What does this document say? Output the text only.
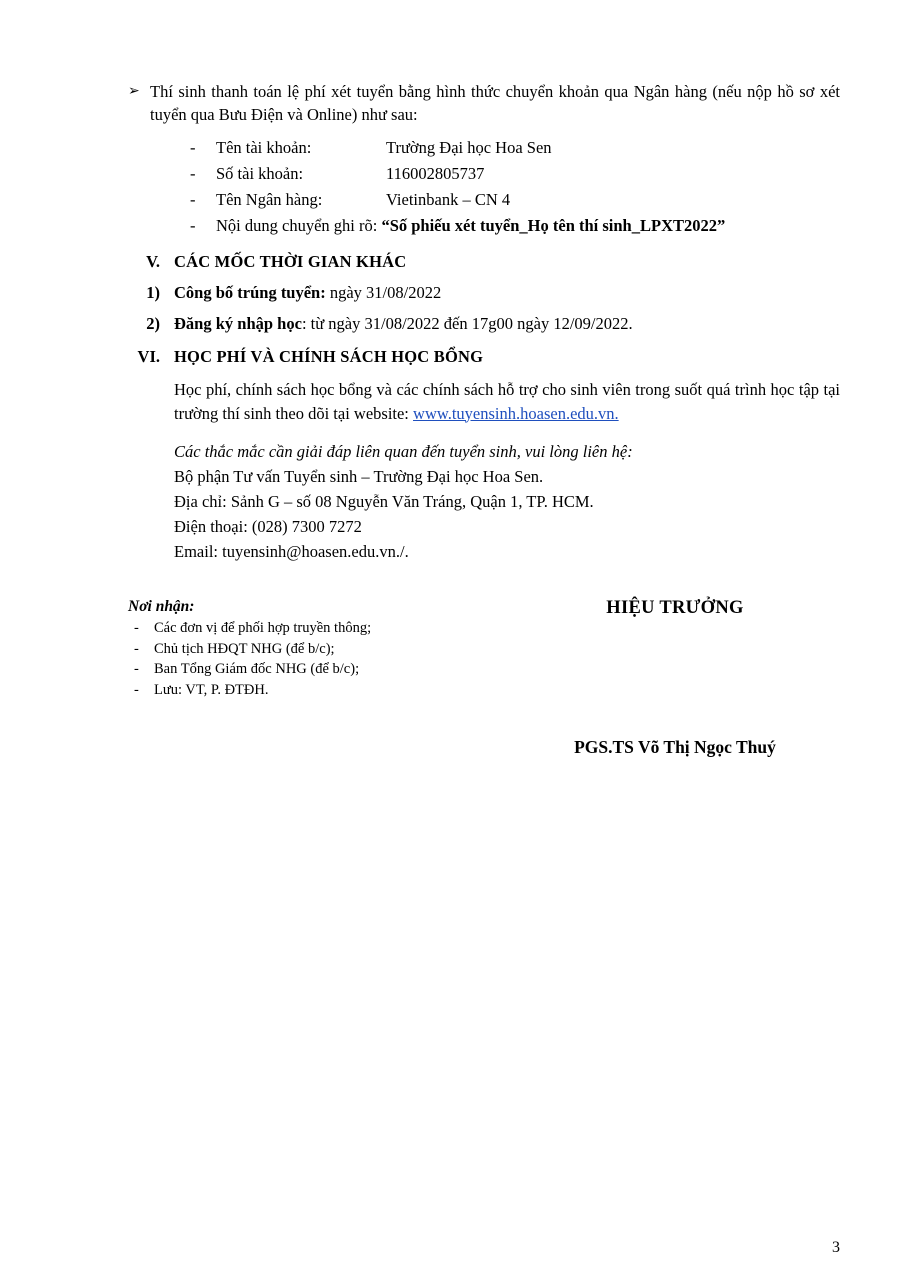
➢ Thí sinh thanh toán lệ phí xét tuyển bằng hình thức chuyển khoản qua Ngân hàng (nếu nộp hồ sơ xét tuyển qua Bưu Điện và Online) như sau:
-	Tên tài khoản:	Trường Đại học Hoa Sen
-	Số tài khoản:	116002805737
-	Tên Ngân hàng:	Vietinbank – CN 4
-	Nội dung chuyển ghi rõ: “Số phiếu xét tuyển_Họ tên thí sinh_LPXT2022”
V. CÁC MỐC THỜI GIAN KHÁC
1) Công bố trúng tuyển: ngày 31/08/2022
2) Đăng ký nhập học: từ ngày 31/08/2022 đến 17g00 ngày 12/09/2022.
VI. HỌC PHÍ VÀ CHÍNH SÁCH HỌC BỔNG
Học phí, chính sách học bổng và các chính sách hỗ trợ cho sinh viên trong suốt quá trình học tập tại trường thí sinh theo dõi tại website: www.tuyensinh.hoasen.edu.vn.
Các thắc mắc cần giải đáp liên quan đến tuyển sinh, vui lòng liên hệ:
Bộ phận Tư vấn Tuyển sinh – Trường Đại học Hoa Sen.
Địa chỉ: Sảnh G – số 08 Nguyễn Văn Tráng, Quận 1, TP. HCM.
Điện thoại: (028) 7300 7272
Email: tuyensinh@hoasen.edu.vn./.
Nơi nhận:
-	Các đơn vị để phối hợp truyền thông;
-	Chủ tịch HĐQT NHG (để b/c);
-	Ban Tổng Giám đốc NHG (để b/c);
-	Lưu: VT, P. ĐTĐH.
HIỆU TRƯỞNG
PGS.TS Võ Thị Ngọc Thuý
3
